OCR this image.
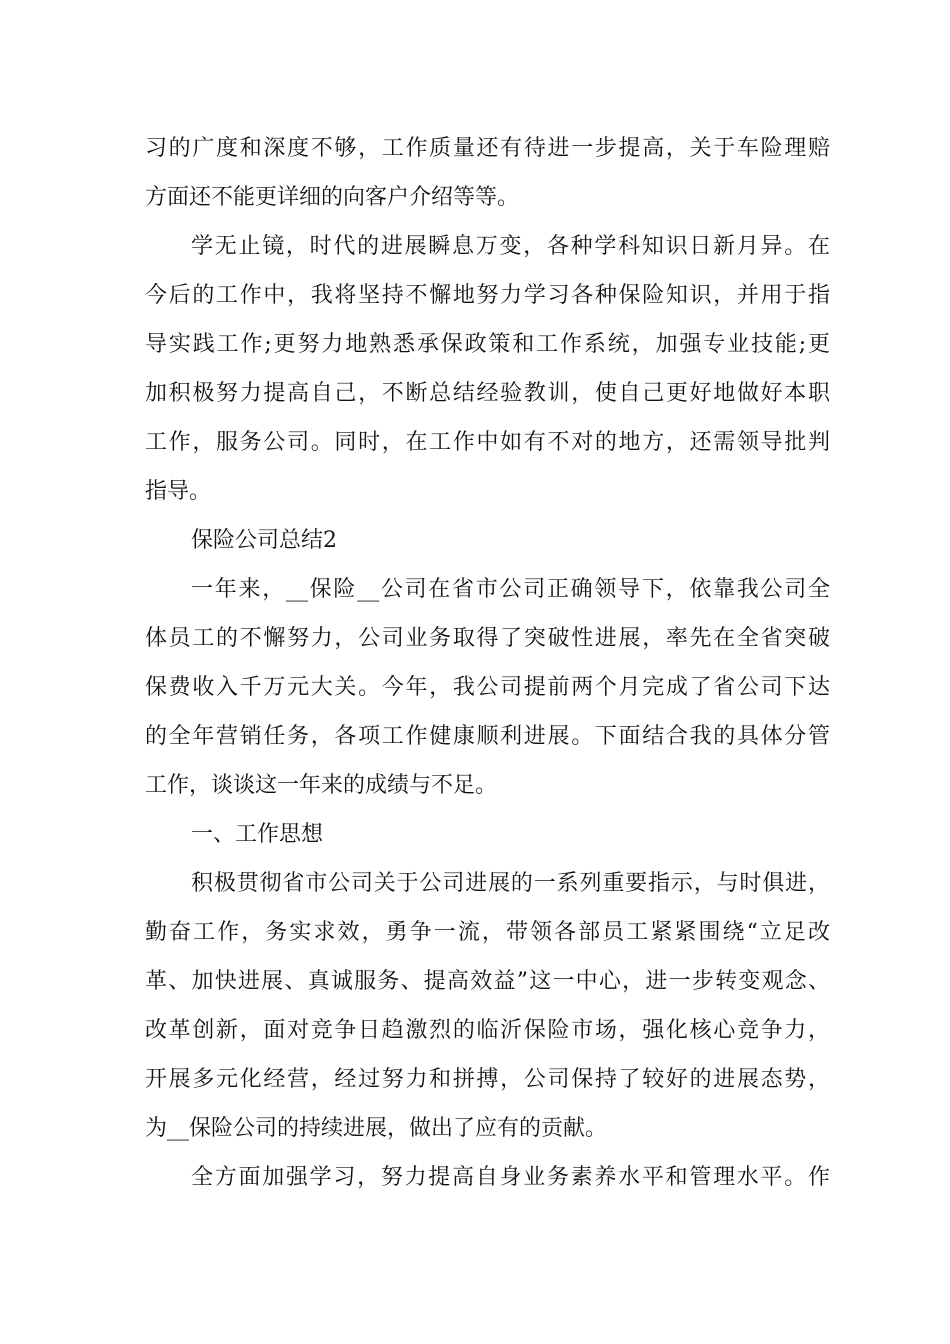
习的广度和深度不够，工作质量还有待进一步提高，关于车险理赔
方面还不能更详细的向客户介绍等等。
学无止镜，时代的进展瞬息万变，各种学科知识日新月异。在
今后的工作中，我将坚持不懈地努力学习各种保险知识，并用于指
导实践工作;更努力地熟悉承保政策和工作系统，加强专业技能;更
加积极努力提高自己，不断总结经验教训，使自己更好地做好本职
工作，服务公司。同时，在工作中如有不对的地方，还需领导批判
指导。
保险公司总结2
一年来，__保险__公司在省市公司正确领导下，依靠我公司全
体员工的不懈努力，公司业务取得了突破性进展，率先在全省突破
保费收入千万元大关。今年，我公司提前两个月完成了省公司下达
的全年营销任务，各项工作健康顺利进展。下面结合我的具体分管
工作，谈谈这一年来的成绩与不足。
一、工作思想
积极贯彻省市公司关于公司进展的一系列重要指示，与时俱进，
勤奋工作，务实求效，勇争一流，带领各部员工紧紧围绕“立足改
革、加快进展、真诚服务、提高效益”这一中心，进一步转变观念、
改革创新，面对竞争日趋激烈的临沂保险市场，强化核心竞争力，
开展多元化经营，经过努力和拼搏，公司保持了较好的进展态势，
为__保险公司的持续进展，做出了应有的贡献。
全方面加强学习，努力提高自身业务素养水平和管理水平。作
